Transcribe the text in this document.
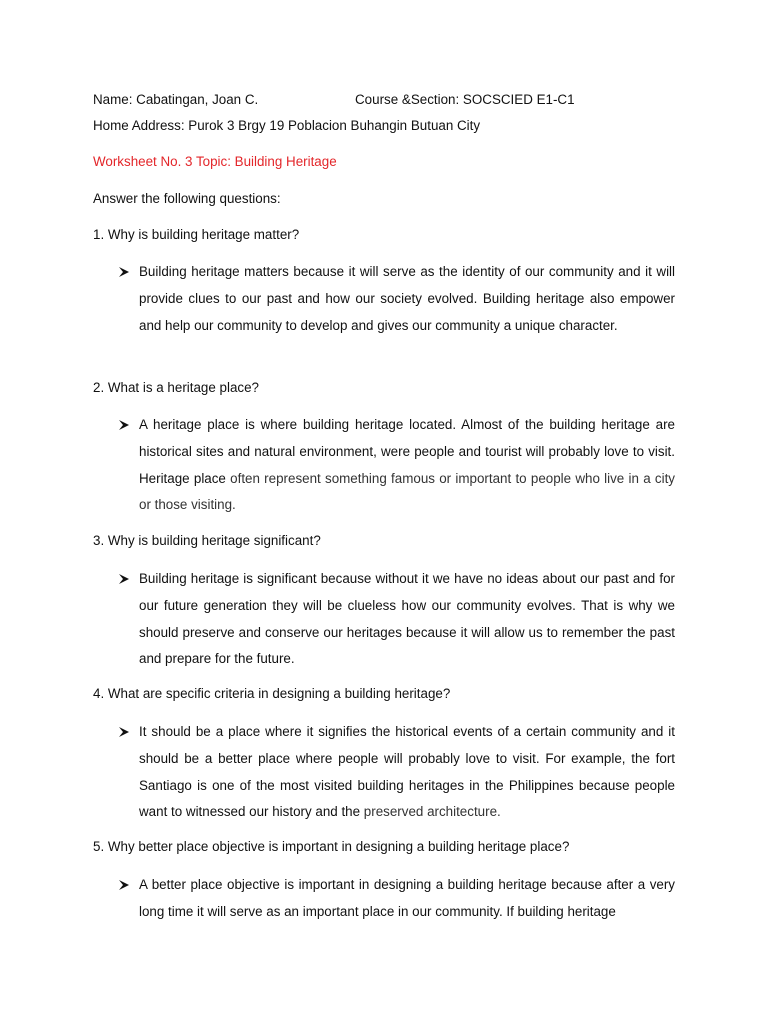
Name: Cabatingan, Joan C.	Course &Section: SOCSCIED E1-C1
Home Address: Purok 3 Brgy 19 Poblacion Buhangin Butuan City
Worksheet No. 3 Topic: Building Heritage
Answer the following questions:
1. Why is building heritage matter?
Building heritage matters because it will serve as the identity of our community and it will provide clues to our past and how our society evolved. Building heritage also empower and help our community to develop and gives our community a unique character.
2. What is a heritage place?
A heritage place is where building heritage located. Almost of the building heritage are historical sites and natural environment, were people and tourist will probably love to visit. Heritage place often represent something famous or important to people who live in a city or those visiting.
3. Why is building heritage significant?
Building heritage is significant because without it we have no ideas about our past and for our future generation they will be clueless how our community evolves. That is why we should preserve and conserve our heritages because it will allow us to remember the past and prepare for the future.
4. What are specific criteria in designing a building heritage?
It should be a place where it signifies the historical events of a certain community and it should be a better place where people will probably love to visit. For example, the fort Santiago is one of the most visited building heritages in the Philippines because people want to witnessed our history and the preserved architecture.
5. Why better place objective is important in designing a building heritage place?
A better place objective is important in designing a building heritage because after a very long time it will serve as an important place in our community. If building heritage
